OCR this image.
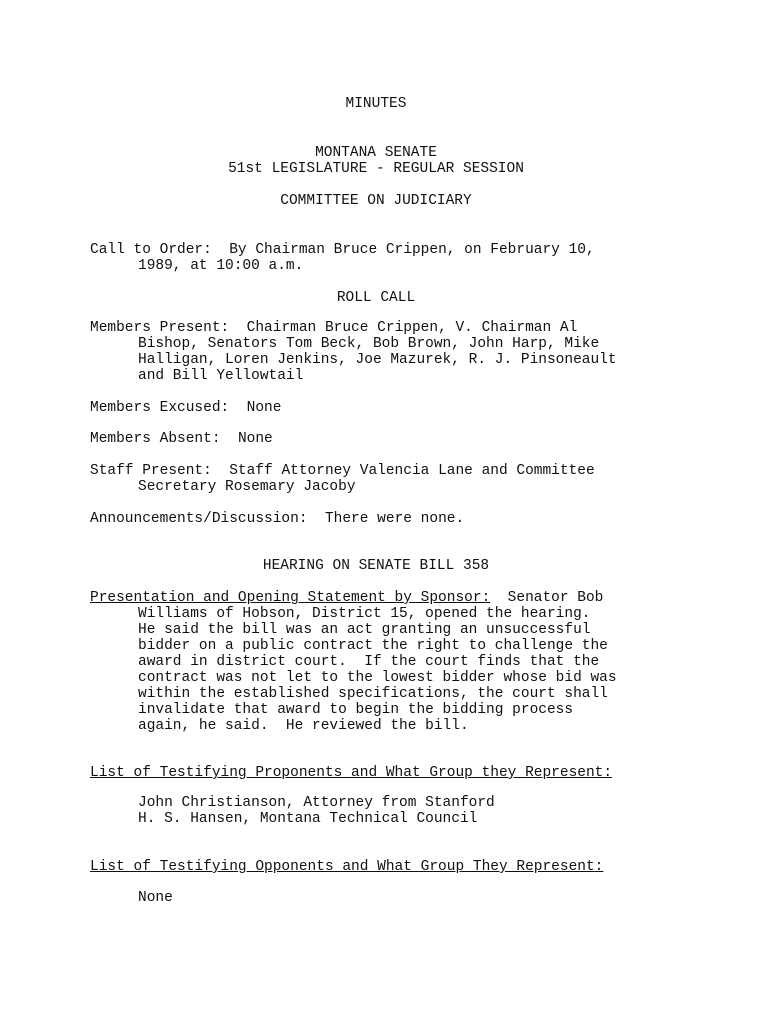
MINUTES
MONTANA SENATE
51st LEGISLATURE - REGULAR SESSION
COMMITTEE ON JUDICIARY
Call to Order: By Chairman Bruce Crippen, on February 10,
1989, at 10:00 a.m.
ROLL CALL
Members Present: Chairman Bruce Crippen, V. Chairman Al
Bishop, Senators Tom Beck, Bob Brown, John Harp, Mike
Halligan, Loren Jenkins, Joe Mazurek, R. J. Pinsoneault
and Bill Yellowtail
Members Excused: None
Members Absent: None
Staff Present: Staff Attorney Valencia Lane and Committee
Secretary Rosemary Jacoby
Announcements/Discussion: There were none.
HEARING ON SENATE BILL 358
Presentation and Opening Statement by Sponsor: Senator Bob
Williams of Hobson, District 15, opened the hearing.
He said the bill was an act granting an unsuccessful
bidder on a public contract the right to challenge the
award in district court.  If the court finds that the
contract was not let to the lowest bidder whose bid was
within the established specifications, the court shall
invalidate that award to begin the bidding process
again, he said.  He reviewed the bill.
List of Testifying Proponents and What Group they Represent:
John Christianson, Attorney from Stanford
H. S. Hansen, Montana Technical Council
List of Testifying Opponents and What Group They Represent:
None
